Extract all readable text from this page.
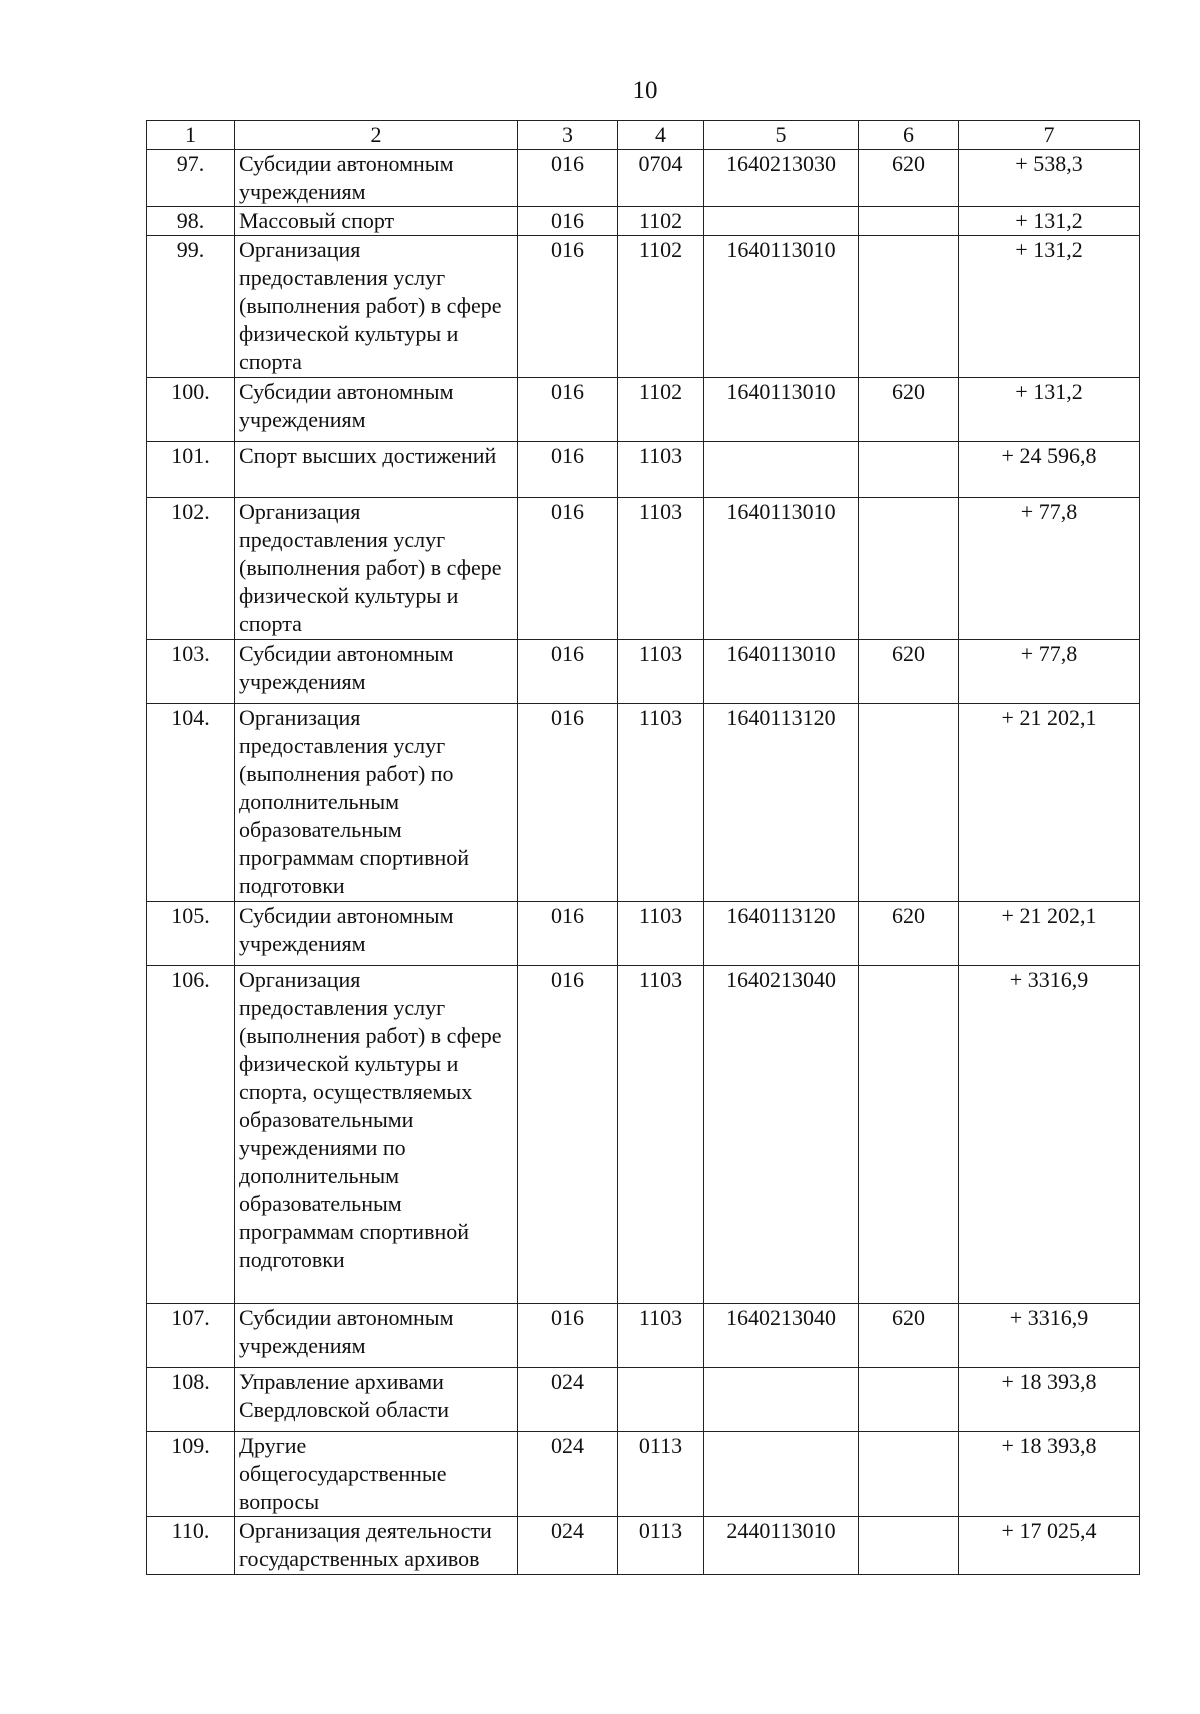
10
1	2	3	4	5	6	7
97.	Субсидии автономным учреждениям	016	0704	1640213030	620	+ 538,3
98.	Массовый спорт	016	1102			+ 131,2
99.	Организация предоставления услуг (выполнения работ) в сфере физической культуры и спорта	016	1102	1640113010		+ 131,2
100.	Субсидии автономным учреждениям	016	1102	1640113010	620	+ 131,2
101.	Спорт высших достижений	016	1103			+ 24 596,8
102.	Организация предоставления услуг (выполнения работ) в сфере физической культуры и спорта	016	1103	1640113010		+ 77,8
103.	Субсидии автономным учреждениям	016	1103	1640113010	620	+ 77,8
104.	Организация предоставления услуг (выполнения работ) по дополнительным образовательным программам спортивной подготовки	016	1103	1640113120		+ 21 202,1
105.	Субсидии автономным учреждениям	016	1103	1640113120	620	+ 21 202,1
106.	Организация предоставления услуг (выполнения работ) в сфере физической культуры и спорта, осуществляемых образовательными учреждениями по дополнительным образовательным программам спортивной подготовки	016	1103	1640213040		+ 3316,9
107.	Субсидии автономным учреждениям	016	1103	1640213040	620	+ 3316,9
108.	Управление архивами Свердловской области	024				+ 18 393,8
109.	Другие общегосударственные вопросы	024	0113			+ 18 393,8
110.	Организация деятельности государственных архивов	024	0113	2440113010		+ 17 025,4
